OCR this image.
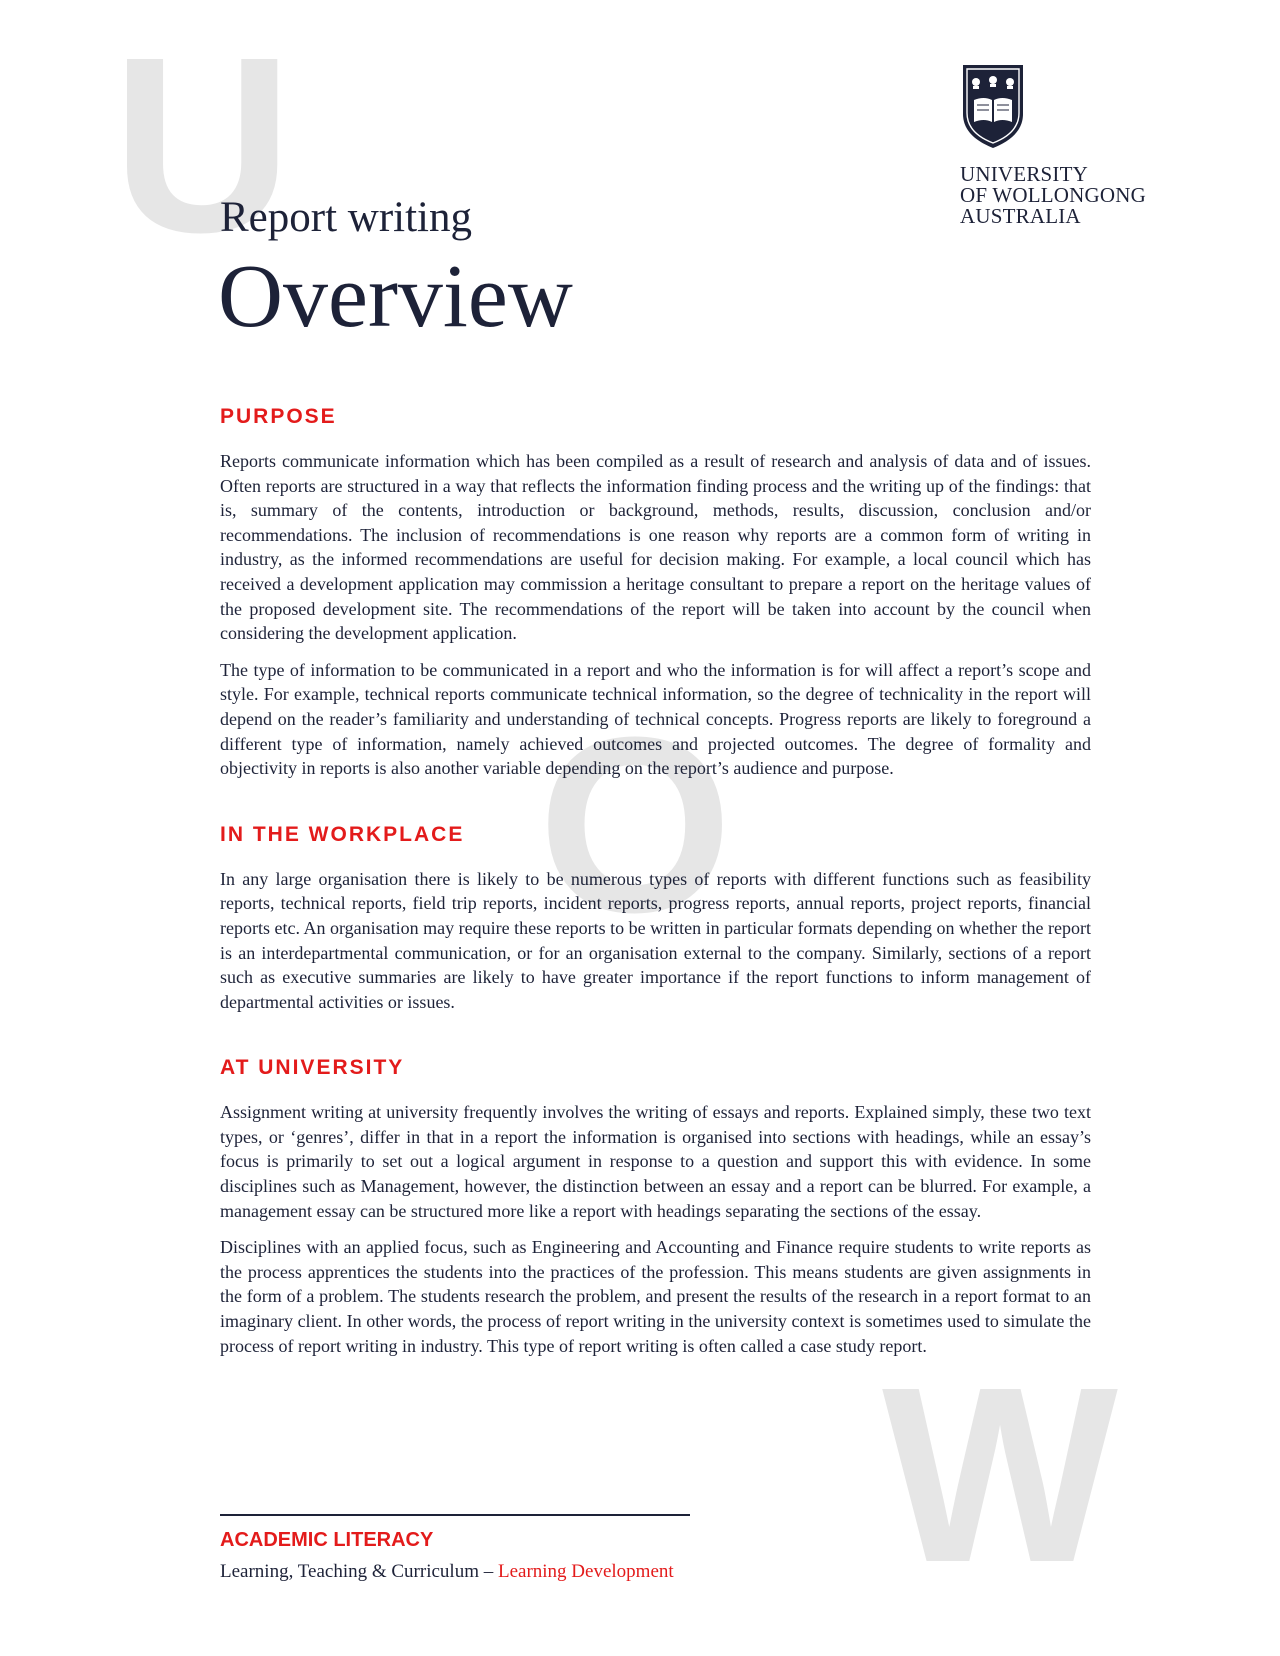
U
O
W
UNIVERSITY
OF WOLLONGONG
AUSTRALIA
Report writing
Overview
PURPOSE

Reports communicate information which has been compiled as a result of research and analysis of data and of issues. Often reports are structured in a way that reflects the information finding process and the writing up of the findings: that is, summary of the contents, introduction or background, methods, results, discussion, conclusion and/or recommendations. The inclusion of recommendations is one reason why reports are a common form of writing in industry, as the informed recommendations are useful for decision making. For example, a local council which has received a development application may commission a heritage consultant to prepare a report on the heritage values of the proposed development site. The recommendations of the report will be taken into account by the council when considering the development application.

The type of information to be communicated in a report and who the information is for will affect a report’s scope and style. For example, technical reports communicate technical information, so the degree of technicality in the report will depend on the reader’s familiarity and understanding of technical concepts. Progress reports are likely to foreground a different type of information, namely achieved outcomes and projected outcomes. The degree of formality and objectivity in reports is also another variable depending on the report’s audience and purpose.

IN THE WORKPLACE

In any large organisation there is likely to be numerous types of reports with different functions such as feasibility reports, technical reports, field trip reports, incident reports, progress reports, annual reports, project reports, financial reports etc. An organisation may require these reports to be written in particular formats depending on whether the report is an interdepartmental communication, or for an organisation external to the company. Similarly, sections of a report such as executive summaries are likely to have greater importance if the report functions to inform management of departmental activities or issues.

AT UNIVERSITY

Assignment writing at university frequently involves the writing of essays and reports. Explained simply, these two text types, or ‘genres’, differ in that in a report the information is organised into sections with headings, while an essay’s focus is primarily to set out a logical argument in response to a question and support this with evidence. In some disciplines such as Management, however, the distinction between an essay and a report can be blurred. For example, a management essay can be structured more like a report with headings separating the sections of the essay.

Disciplines with an applied focus, such as Engineering and Accounting and Finance require students to write reports as the process apprentices the students into the practices of the profession. This means students are given assignments in the form of a problem. The students research the problem, and present the results of the research in a report format to an imaginary client. In other words, the process of report writing in the university context is sometimes used to simulate the process of report writing in industry. This type of report writing is often called a case study report.

ACADEMIC LITERACY
Learning, Teaching & Curriculum – Learning Development
